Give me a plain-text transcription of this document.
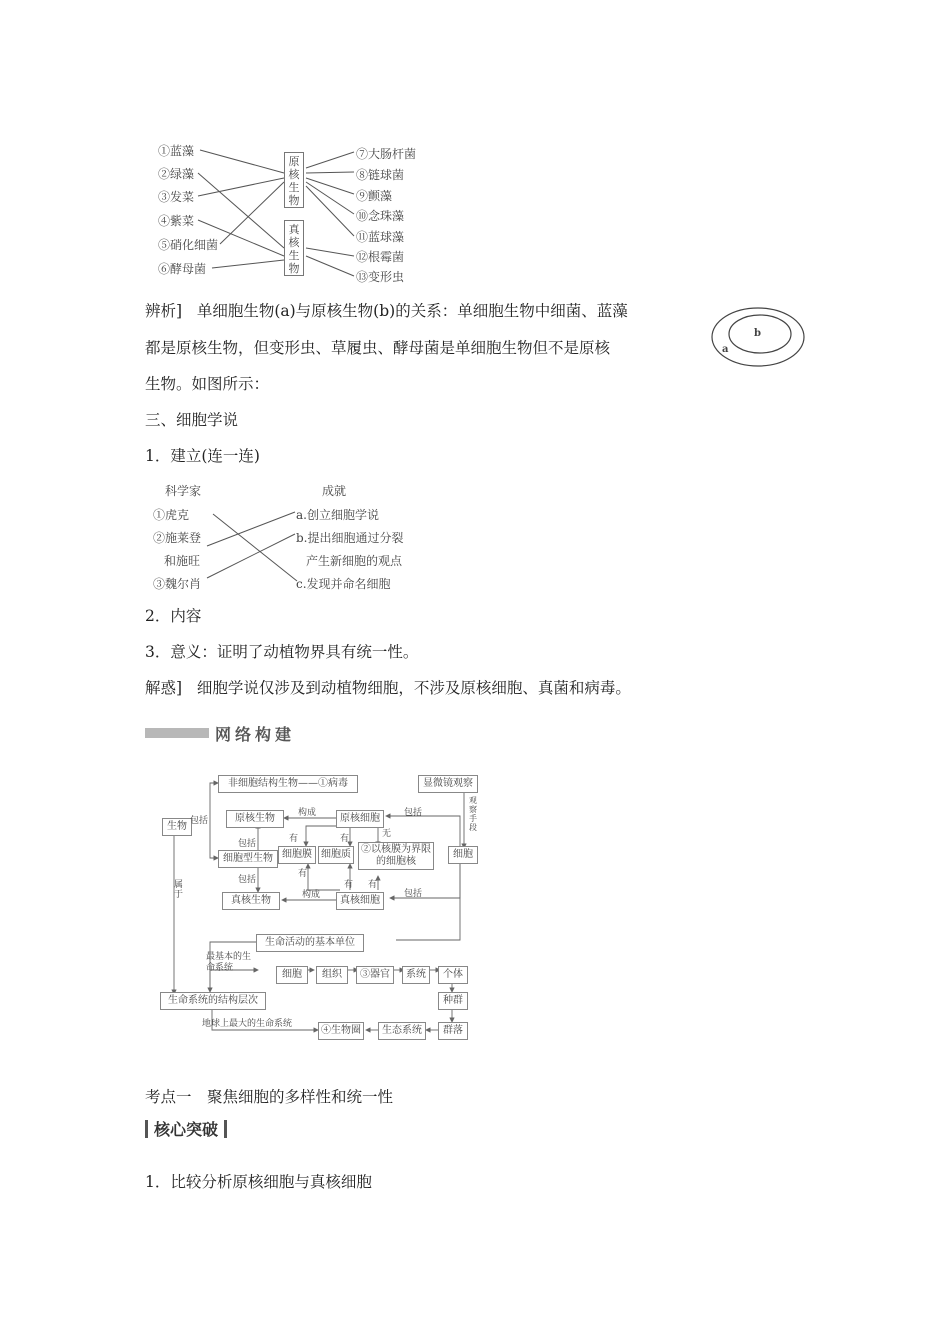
①蓝藻
②绿藻
③发菜
④紫菜
⑤硝化细菌
⑥酵母菌
原核生物
真核生物
⑦大肠杆菌
⑧链球菌
⑨颤藻
⑩念珠藻
⑪蓝球藻
⑫根霉菌
⑬变形虫
辨析] 单细胞生物(a)与原核生物(b)的关系：单细胞生物中细菌、蓝藻
都是原核生物，但变形虫、草履虫、酵母菌是单细胞生物但不是原核
生物。如图所示：
b
a
三、细胞学说
1．建立(连一连)
科学家	成就
①虎克
②施莱登
和施旺
③魏尔肖
a.创立细胞学说
b.提出细胞通过分裂
产生新细胞的观点
c.发现并命名细胞
2．内容
3．意义：证明了动植物界具有统一性。
解惑] 细胞学说仅涉及到动植物细胞，不涉及原核细胞、真菌和病毒。
网络构建
生物
非细胞结构生物——①病毒	显微镜观察
原核生物	原核细胞
细胞型生物 细胞膜 细胞质	②以核膜为界限的细胞核
细胞
真核生物	真核细胞
生命活动的基本单位
生命系统的结构层次
细胞	组织	③器官	系统	个体
种群
群落
生态系统
④生物圈
包括
包括
包括
包括
包括
构成
构成
有	有
有
有 有
无
属于
观察手段
最基本的生命系统
地球上最大的生命系统
考点一　聚焦细胞的多样性和统一性
核心突破
1．比较分析原核细胞与真核细胞
